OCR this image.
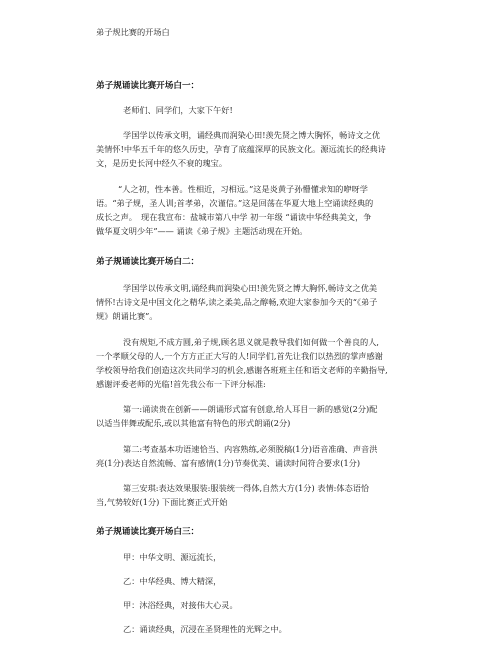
弟子规比赛的开场白
弟子规诵读比赛开场白一：
老师们、同学们，大家下午好!
学国学以传承文明，诵经典而润染心田!羡先贤之博大胸怀，畅诗文之优
美情怀!中华五千年的悠久历史，孕育了底蕴深厚的民族文化。源远流长的经典诗
文，是历史长河中经久不衰的瑰宝。
“人之初，性本善。性相近，习相远。”这是炎黄子孙懵懂求知的咿呀学
语。“弟子规，圣人训;首孝弟，次谨信。”这是回荡在华夏大地上空诵读经典的
成长之声。　现在我宣布：盐城市第八中学 初一年级 “诵读中华经典美文，争
做华夏文明少年”—— 诵读《弟子规》主题活动现在开始。
弟子规诵读比赛开场白二：
学国学以传承文明,诵经典而润染心田!羡先贤之博大胸怀,畅诗文之优美
情怀!古诗文是中国文化之精华,读之柔美,品之醇畅,欢迎大家参加今天的“《弟子
规》朗诵比赛”。
没有规矩,不成方圆,弟子规,顾名思义就是教导我们如何做一个善良的人,
一个孝顺父母的人,一个方方正正大写的人!同学们,首先让我们以热烈的掌声感谢
学校领导给我们创造这次共同学习的机会,感谢各班班主任和语文老师的辛勤指导,
感谢评委老师的光临!首先我公布一下评分标准:
第一:诵读贵在创新——朗诵形式富有创意,给人耳目一新的感觉(2分)配
以适当伴舞或配乐,或以其他富有特色的形式朗诵(2分)
第二:考查基本功语速恰当、内容熟练,必须脱稿(1分)语音准确、声音洪
亮(1分)表达自然流畅、富有感情(1分)节奏优美、诵读时间符合要求(1分)
第三安琪:表达效果服装:服装统一得体,自然大方(1分) 表情:体态语恰
当,气势较好(1分) 下面比赛正式开始
弟子规诵读比赛开场白三：
甲：中华文明、源远流长，
乙：中华经典、博大精深，
甲：沐浴经典，对接伟大心灵。
乙：诵读经典，沉浸在圣贤理性的光辉之中。
